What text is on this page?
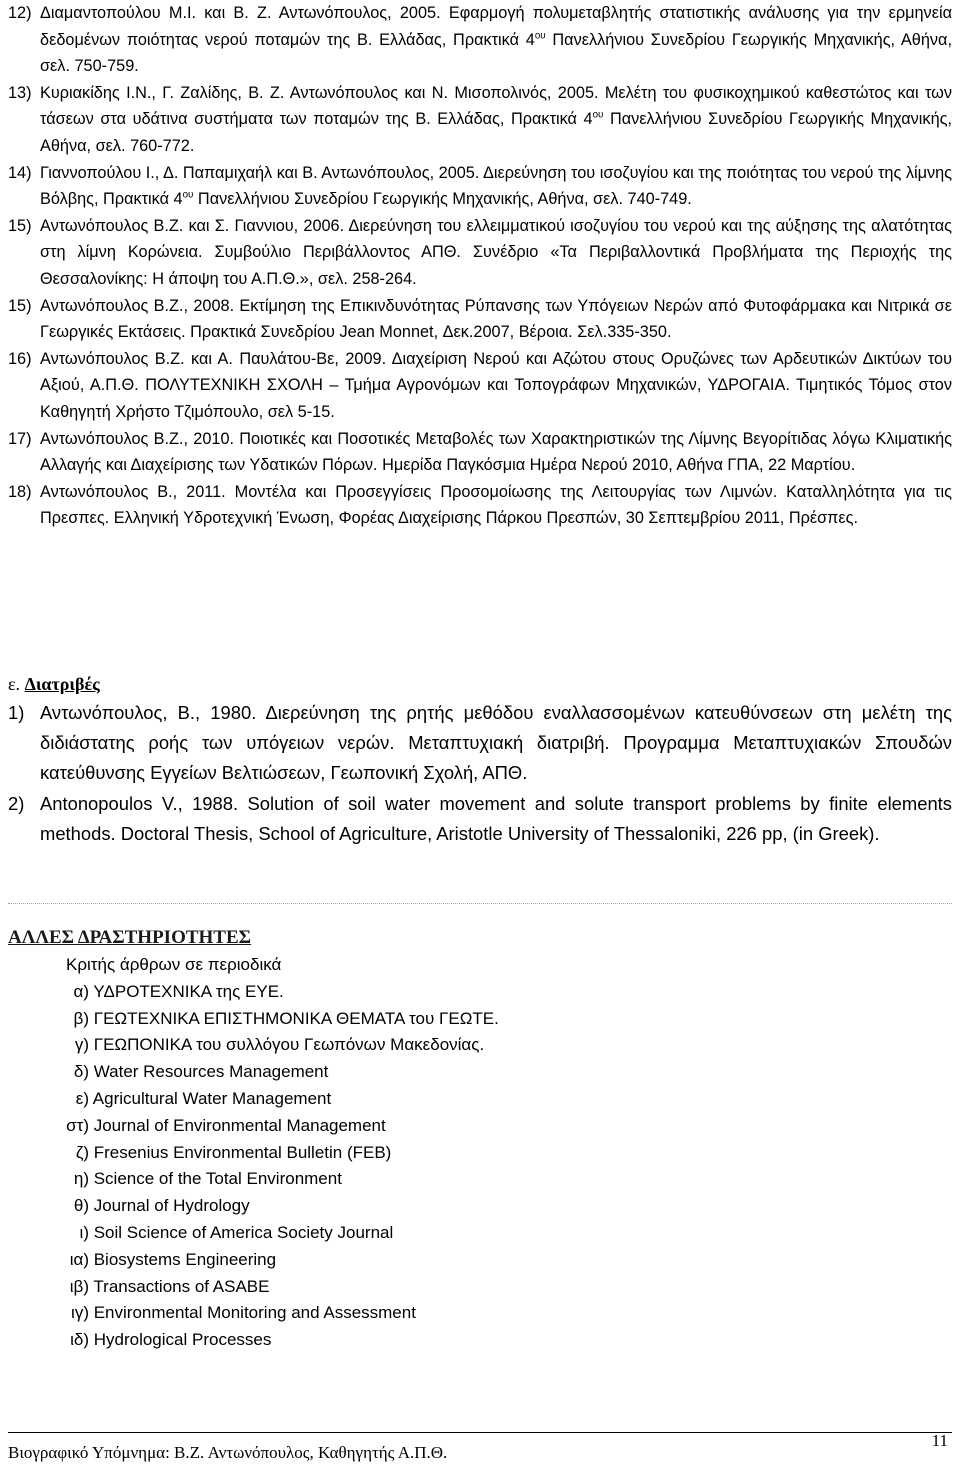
12) Διαμαντοπούλου Μ.Ι. και Β. Ζ. Αντωνόπουλος, 2005. Εφαρμογή πολυμεταβλητής στατιστικής ανάλυσης για την ερμηνεία δεδομένων ποιότητας νερού ποταμών της Β. Ελλάδας, Πρακτικά $4^{o\upsilon}$ Πανελλήνιου Συνεδρίου Γεωργικής Μηχανικής, Αθήνα, σελ. 750-759.
13) Κυριακίδης Ι.Ν., Γ. Ζαλίδης, Β. Ζ. Αντωνόπουλος και Ν. Μισοπολινός, 2005. Μελέτη του φυσικοχημικού καθεστώτος και των τάσεων στα υδάτινα συστήματα των ποταμών της Β. Ελλάδας, Πρακτικά $4^{o\upsilon}$ Πανελλήνιου Συνεδρίου Γεωργικής Μηχανικής, Αθήνα, σελ. 760-772.
14) Γιαννοπούλου Ι., Δ. Παπαμιχαήλ και Β. Αντωνόπουλος, 2005. Διερεύνηση του ισοζυγίου και της ποιότητας του νερού της λίμνης Βόλβης, Πρακτικά $4^{o\upsilon}$ Πανελλήνιου Συνεδρίου Γεωργικής Μηχανικής, Αθήνα, σελ. 740-749.
15) Αντωνόπουλος Β.Ζ. και Σ. Γιαννιου, 2006. Διερεύνηση του ελλειμματικού ισοζυγίου του νερού και της αύξησης της αλατότητας στη λίμνη Κορώνεια. Συμβούλιο Περιβάλλοντος ΑΠΘ. Συνέδριο «Τα Περιβαλλοντικά Προβλήματα της Περιοχής της Θεσσαλονίκης: Η άποψη του Α.Π.Θ.», σελ. 258-264.
15) Αντωνόπουλος Β.Ζ., 2008. Εκτίμηση της Επικινδυνότητας Ρύπανσης των Υπόγειων Νερών από Φυτοφάρμακα και Νιτρικά σε Γεωργικές Εκτάσεις. Πρακτικά Συνεδρίου Jean Monnet, Δεκ.2007, Βέροια. Σελ.335-350.
16) Αντωνόπουλος Β.Ζ. και Α. Παυλάτου-Βε, 2009. Διαχείριση Νερού και Αζώτου στους Ορυζώνες των Αρδευτικών Δικτύων του Αξιού, Α.Π.Θ. ΠΟΛΥΤΕΧΝΙΚΗ ΣΧΟΛΗ – Τμήμα Αγρονόμων και Τοπογράφων Μηχανικών, ΥΔΡΟΓΑΙΑ. Τιμητικός Τόμος στον Καθηγητή Χρήστο Τζιμόπουλο, σελ 5-15.
17) Αντωνόπουλος Β.Ζ., 2010. Ποιοτικές και Ποσοτικές Μεταβολές των Χαρακτηριστικών της Λίμνης Βεγορίτιδας λόγω Κλιματικής Αλλαγής και Διαχείρισης των Υδατικών Πόρων. Ημερίδα Παγκόσμια Ημέρα Νερού 2010, Αθήνα ΓΠΑ, 22 Μαρτίου.
18) Αντωνόπουλος Β., 2011. Μοντέλα και Προσεγγίσεις Προσομοίωσης της Λειτουργίας των Λιμνών. Καταλληλότητα για τις Πρεσπες. Ελληνική Υδροτεχνική Ένωση, Φορέας Διαχείρισης Πάρκου Πρεσπών, 30 Σεπτεμβρίου 2011, Πρέσπες.
ε. Διατριβές
1) Αντωνόπουλος, Β., 1980. Διερεύνηση της ρητής μεθόδου εναλλασσομένων κατευθύνσεων στη μελέτη της διδιάστατης ροής των υπόγειων νερών. Μεταπτυχιακή διατριβή. Προγραμμα Μεταπτυχιακών Σπουδών κατεύθυνσης Εγγείων Βελτιώσεων, Γεωπονική Σχολή, ΑΠΘ.
2) Antonopoulos V., 1988. Solution of soil water movement and solute transport problems by finite elements methods. Doctoral Thesis, School of Agriculture, Aristotle University of Thessaloniki, 226 pp, (in Greek).
ΑΛΛΕΣ ΔΡΑΣΤΗΡΙΟΤΗΤΕΣ
Κριτής άρθρων σε περιοδικά
α) ΥΔΡΟΤΕΧΝΙΚΑ της ΕΥΕ.
β) ΓΕΩΤΕΧΝΙΚΑ ΕΠΙΣΤΗΜΟΝΙΚΑ ΘΕΜΑΤΑ του ΓΕΩΤΕ.
γ) ΓΕΩΠΟΝΙΚΑ του συλλόγου Γεωπόνων Μακεδονίας.
δ) Water Resources Management
ε) Agricultural Water Management
στ) Journal of Environmental Management
ζ) Fresenius Environmental Bulletin (FEB)
η) Science of the Total Environment
θ) Journal of Hydrology
ι) Soil Science of America Society Journal
ια) Biosystems Engineering
ιβ) Transactions of ASABE
ιγ) Environmental Monitoring and Assessment
ιδ) Hydrological Processes
Βιογραφικό Υπόμνημα: Β.Ζ. Αντωνόπουλος, Καθηγητής Α.Π.Θ.
11
